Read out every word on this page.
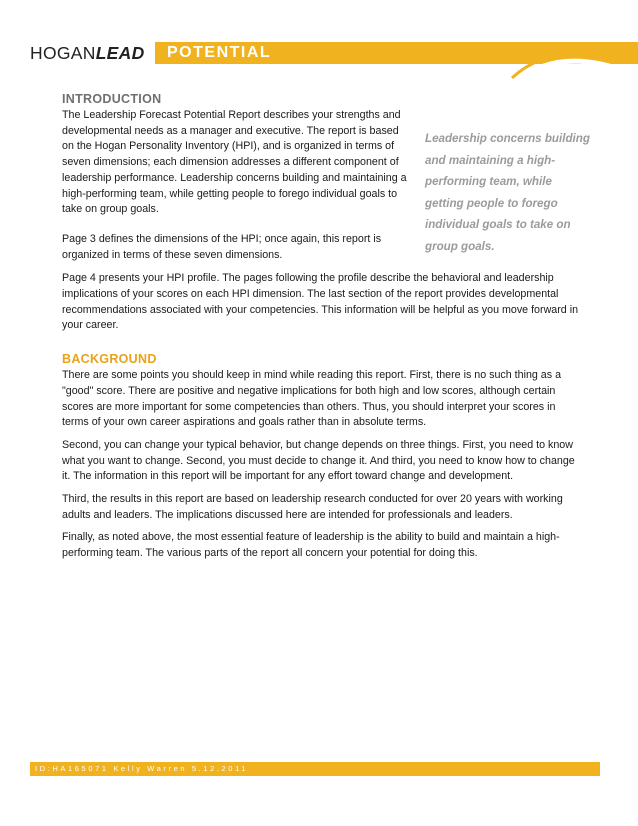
HOGANLEAD POTENTIAL
INTRODUCTION

The Leadership Forecast Potential Report describes your strengths and developmental needs as a manager and executive. The report is based on the Hogan Personality Inventory (HPI), and is organized in terms of seven dimensions; each dimension addresses a different component of leadership performance. Leadership concerns building and maintaining a high-performing team, while getting people to forego individual goals to take on group goals.

Page 3 defines the dimensions of the HPI; once again, this report is organized in terms of these seven dimensions.

Leadership concerns building and maintaining a high-performing team, while getting people to forego individual goals to take on group goals.

Page 4 presents your HPI profile. The pages following the profile describe the behavioral and leadership implications of your scores on each HPI dimension. The last section of the report provides developmental recommendations associated with your competencies. This information will be helpful as you move forward in your career.

BACKGROUND

There are some points you should keep in mind while reading this report. First, there is no such thing as a "good" score. There are positive and negative implications for both high and low scores, although certain scores are more important for some competencies than others. Thus, you should interpret your scores in terms of your own career aspirations and goals rather than in absolute terms.

Second, you can change your typical behavior, but change depends on three things. First, you need to know what you want to change. Second, you must decide to change it. And third, you need to know how to change it. The information in this report will be important for any effort toward change and development.

Third, the results in this report are based on leadership research conducted for over 20 years with working adults and leaders. The implications discussed here are intended for professionals and leaders.

Finally, as noted above, the most essential feature of leadership is the ability to build and maintain a high-performing team. The various parts of the report all concern your potential for doing this.

ID:HA165071 Kelly Warren 5.12.2011	2
